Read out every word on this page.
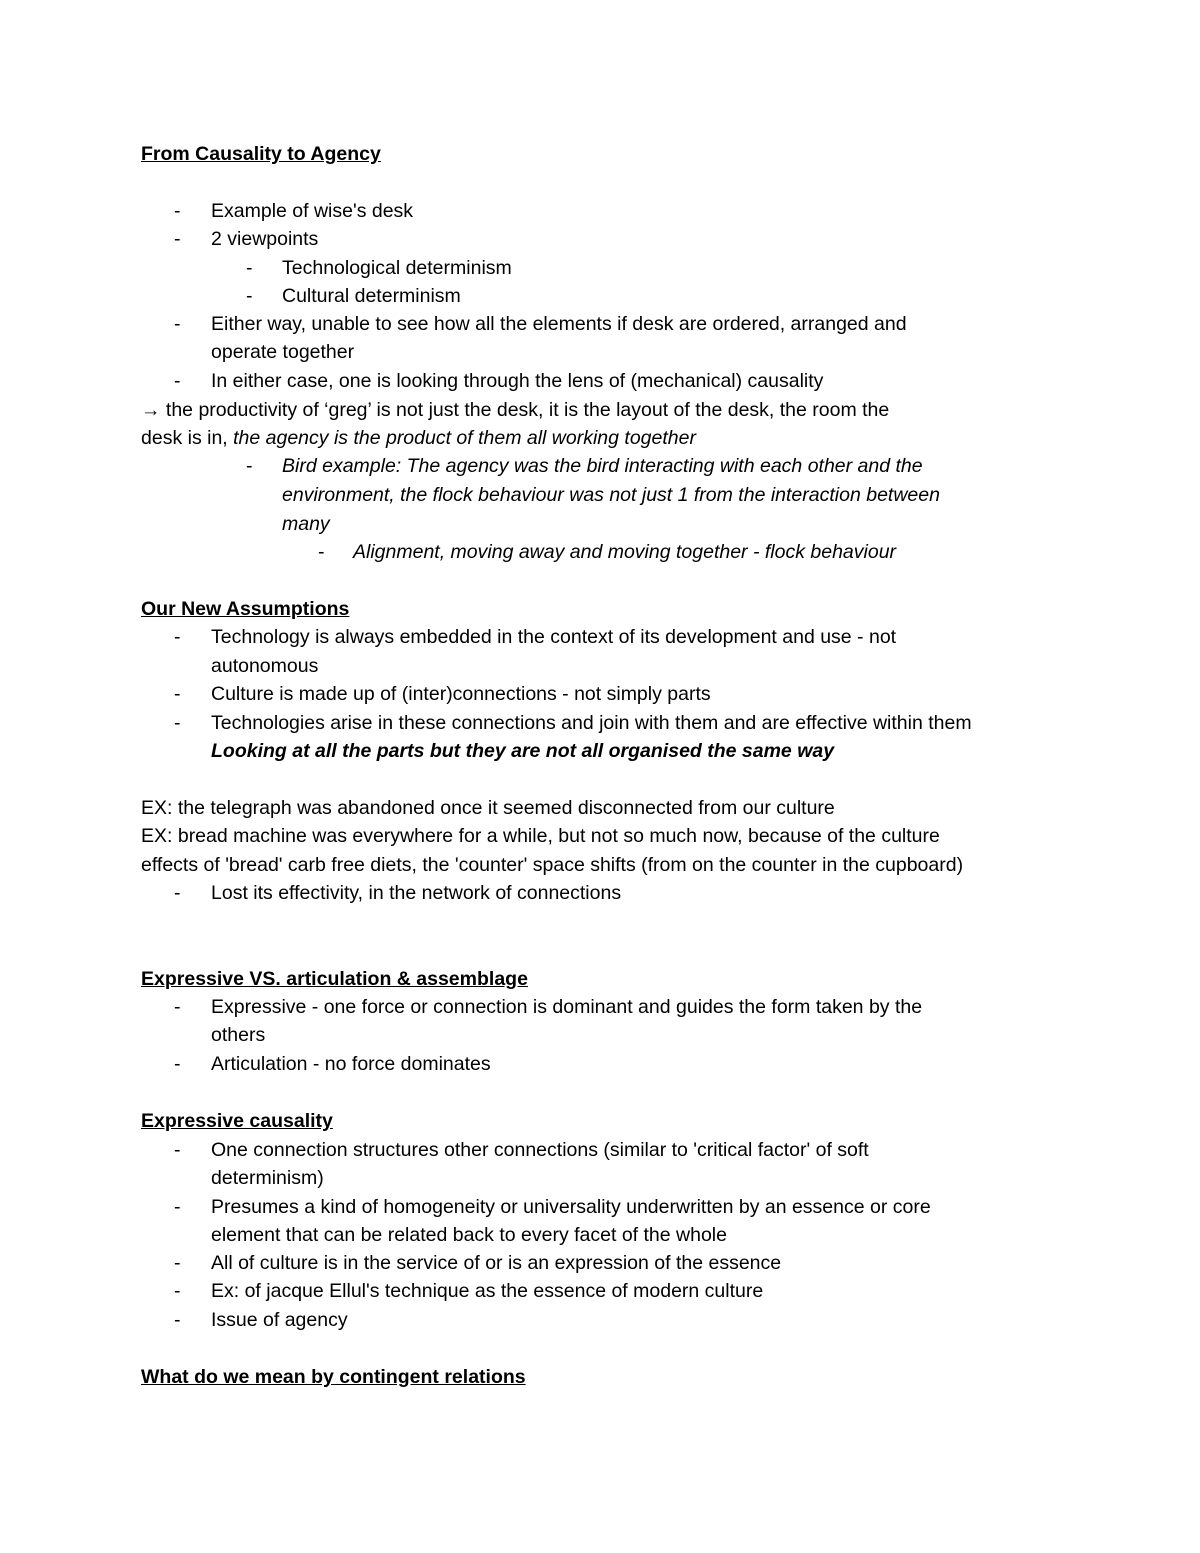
From Causality to Agency
- Example of wise's desk
- 2 viewpoints
- Technological determinism
- Cultural determinism
- Either way, unable to see how all the elements if desk are ordered, arranged and
operate together
- In either case, one is looking through the lens of (mechanical) causality
→ the productivity of ‘greg’ is not just the desk, it is the layout of the desk, the room the
desk is in, the agency is the product of them all working together
- Bird example: The agency was the bird interacting with each other and the
environment, the flock behaviour was not just 1 from the interaction between
many
- Alignment, moving away and moving together - flock behaviour
Our New Assumptions
- Technology is always embedded in the context of its development and use - not
autonomous
- Culture is made up of (inter)connections - not simply parts
- Technologies arise in these connections and join with them and are effective within them
Looking at all the parts but they are not all organised the same way
EX: the telegraph was abandoned once it seemed disconnected from our culture
EX: bread machine was everywhere for a while, but not so much now, because of the culture
effects of 'bread' carb free diets, the 'counter' space shifts (from on the counter in the cupboard)
- Lost its effectivity, in the network of connections
Expressive VS. articulation & assemblage
- Expressive - one force or connection is dominant and guides the form taken by the
others
- Articulation - no force dominates
Expressive causality
- One connection structures other connections (similar to 'critical factor' of soft
determinism)
- Presumes a kind of homogeneity or universality underwritten by an essence or core
element that can be related back to every facet of the whole
- All of culture is in the service of or is an expression of the essence
- Ex: of jacque Ellul's technique as the essence of modern culture
- Issue of agency
What do we mean by contingent relations
